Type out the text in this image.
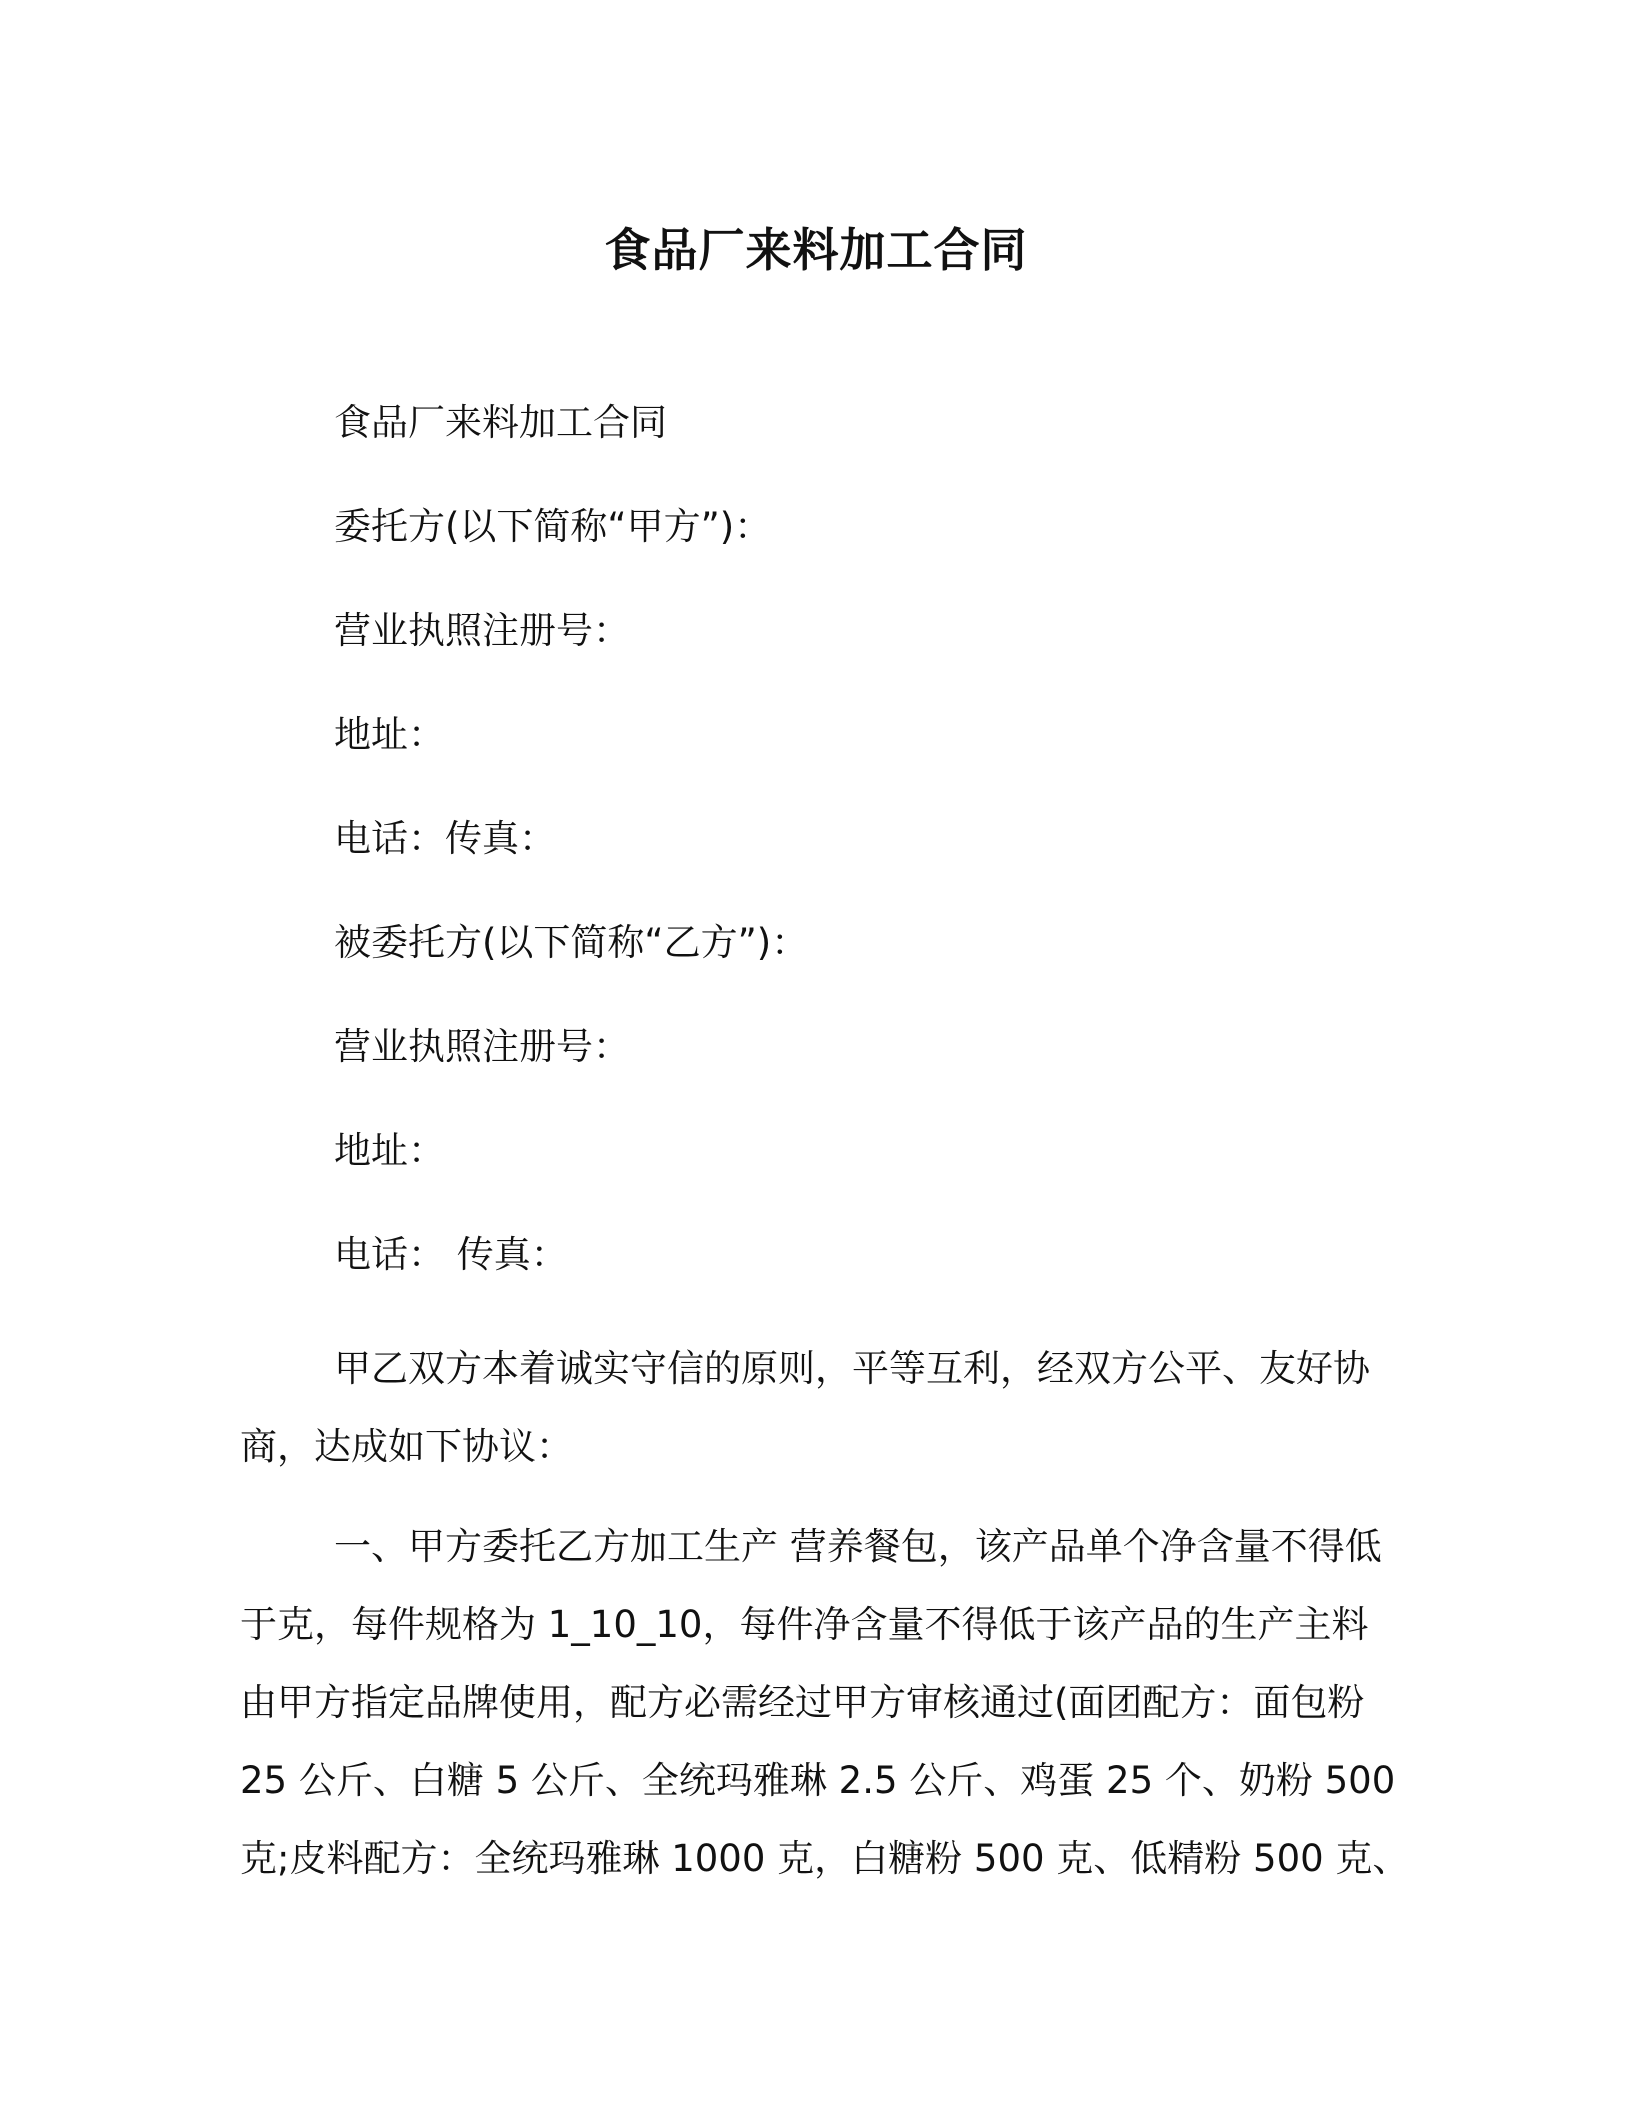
食品厂来料加工合同
食品厂来料加工合同
委托方(以下简称“甲方”)：
营业执照注册号：
地址：
电话：传真：
被委托方(以下简称“乙方”)：
营业执照注册号：
地址：
电话： 传真：
甲乙双方本着诚实守信的原则，平等互利，经双方公平、友好协
商，达成如下协议：
一、甲方委托乙方加工生产 营养餐包，该产品单个净含量不得低
于克，每件规格为 1_10_10，每件净含量不得低于该产品的生产主料
由甲方指定品牌使用，配方必需经过甲方审核通过(面团配方：面包粉
25 公斤、白糖 5 公斤、全统玛雅琳 2.5 公斤、鸡蛋 25 个、奶粉 500
克;皮料配方：全统玛雅琳 1000 克，白糖粉 500 克、低精粉 500 克、
